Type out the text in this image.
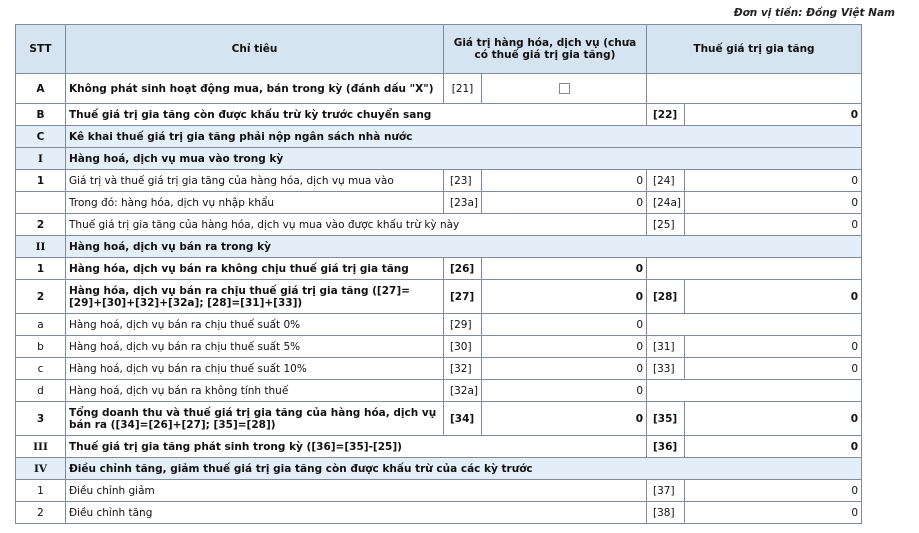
Đơn vị tiền: Đồng Việt Nam
STT	Chỉ tiêu	Giá trị hàng hóa, dịch vụ (chưa có thuế giá trị gia tăng)		Thuế giá trị gia tăng	
A	Không phát sinh hoạt động mua, bán trong kỳ (đánh dấu "X")	[21]			
B	Thuế giá trị gia tăng còn được khấu trừ kỳ trước chuyển sang			[22]	0
C	Kê khai thuế giá trị gia tăng phải nộp ngân sách nhà nước				
I	Hàng hoá, dịch vụ mua vào trong kỳ				
1	Giá trị và thuế giá trị gia tăng của hàng hóa, dịch vụ mua vào	[23]	0	[24]	0
	Trong đó: hàng hóa, dịch vụ nhập khẩu	[23a]	0	[24a]	0
2	Thuế giá trị gia tăng của hàng hóa, dịch vụ mua vào được khấu trừ kỳ này			[25]	0
II	Hàng hoá, dịch vụ bán ra trong kỳ				
1	Hàng hóa, dịch vụ bán ra không chịu thuế giá trị gia tăng	[26]	0		
2	Hàng hóa, dịch vụ bán ra chịu thuế giá trị gia tăng ([27]=[29]+[30]+[32]+[32a]; [28]=[31]+[33])	[27]	0	[28]	0
a	Hàng hoá, dịch vụ bán ra chịu thuế suất 0%	[29]	0		
b	Hàng hoá, dịch vụ bán ra chịu thuế suất 5%	[30]	0	[31]	0
c	Hàng hoá, dịch vụ bán ra chịu thuế suất 10%	[32]	0	[33]	0
d	Hàng hoá, dịch vụ bán ra không tính thuế	[32a]	0		
3	Tổng doanh thu và thuế giá trị gia tăng của hàng hóa, dịch vụ bán ra ([34]=[26]+[27]; [35]=[28])	[34]	0	[35]	0
III	Thuế giá trị gia tăng phát sinh trong kỳ ([36]=[35]-[25])			[36]	0
IV	Điều chỉnh tăng, giảm thuế giá trị gia tăng còn được khấu trừ của các kỳ trước				
1	Điều chỉnh giảm			[37]	0
2	Điều chỉnh tăng			[38]	0
